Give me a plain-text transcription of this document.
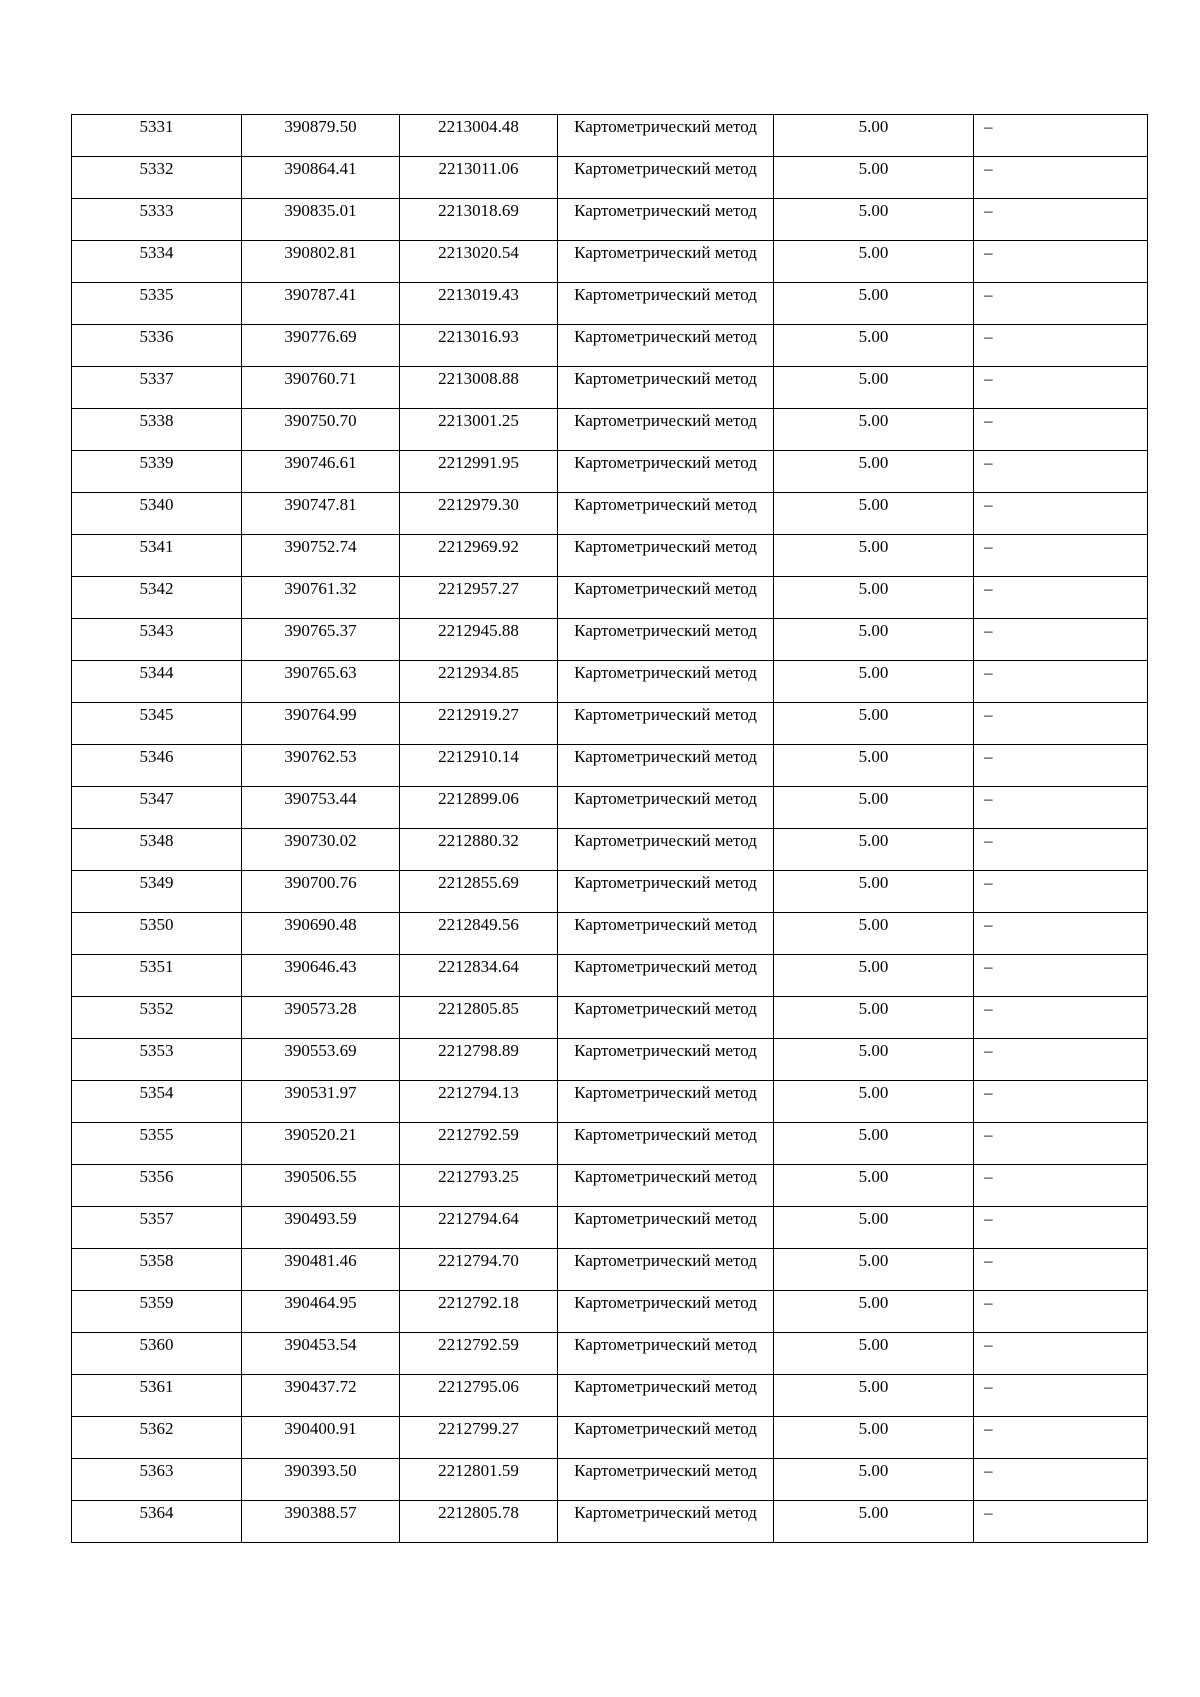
5331	390879.50	2213004.48	Картометрический метод	5.00	–
5332	390864.41	2213011.06	Картометрический метод	5.00	–
5333	390835.01	2213018.69	Картометрический метод	5.00	–
5334	390802.81	2213020.54	Картометрический метод	5.00	–
5335	390787.41	2213019.43	Картометрический метод	5.00	–
5336	390776.69	2213016.93	Картометрический метод	5.00	–
5337	390760.71	2213008.88	Картометрический метод	5.00	–
5338	390750.70	2213001.25	Картометрический метод	5.00	–
5339	390746.61	2212991.95	Картометрический метод	5.00	–
5340	390747.81	2212979.30	Картометрический метод	5.00	–
5341	390752.74	2212969.92	Картометрический метод	5.00	–
5342	390761.32	2212957.27	Картометрический метод	5.00	–
5343	390765.37	2212945.88	Картометрический метод	5.00	–
5344	390765.63	2212934.85	Картометрический метод	5.00	–
5345	390764.99	2212919.27	Картометрический метод	5.00	–
5346	390762.53	2212910.14	Картометрический метод	5.00	–
5347	390753.44	2212899.06	Картометрический метод	5.00	–
5348	390730.02	2212880.32	Картометрический метод	5.00	–
5349	390700.76	2212855.69	Картометрический метод	5.00	–
5350	390690.48	2212849.56	Картометрический метод	5.00	–
5351	390646.43	2212834.64	Картометрический метод	5.00	–
5352	390573.28	2212805.85	Картометрический метод	5.00	–
5353	390553.69	2212798.89	Картометрический метод	5.00	–
5354	390531.97	2212794.13	Картометрический метод	5.00	–
5355	390520.21	2212792.59	Картометрический метод	5.00	–
5356	390506.55	2212793.25	Картометрический метод	5.00	–
5357	390493.59	2212794.64	Картометрический метод	5.00	–
5358	390481.46	2212794.70	Картометрический метод	5.00	–
5359	390464.95	2212792.18	Картометрический метод	5.00	–
5360	390453.54	2212792.59	Картометрический метод	5.00	–
5361	390437.72	2212795.06	Картометрический метод	5.00	–
5362	390400.91	2212799.27	Картометрический метод	5.00	–
5363	390393.50	2212801.59	Картометрический метод	5.00	–
5364	390388.57	2212805.78	Картометрический метод	5.00	–
